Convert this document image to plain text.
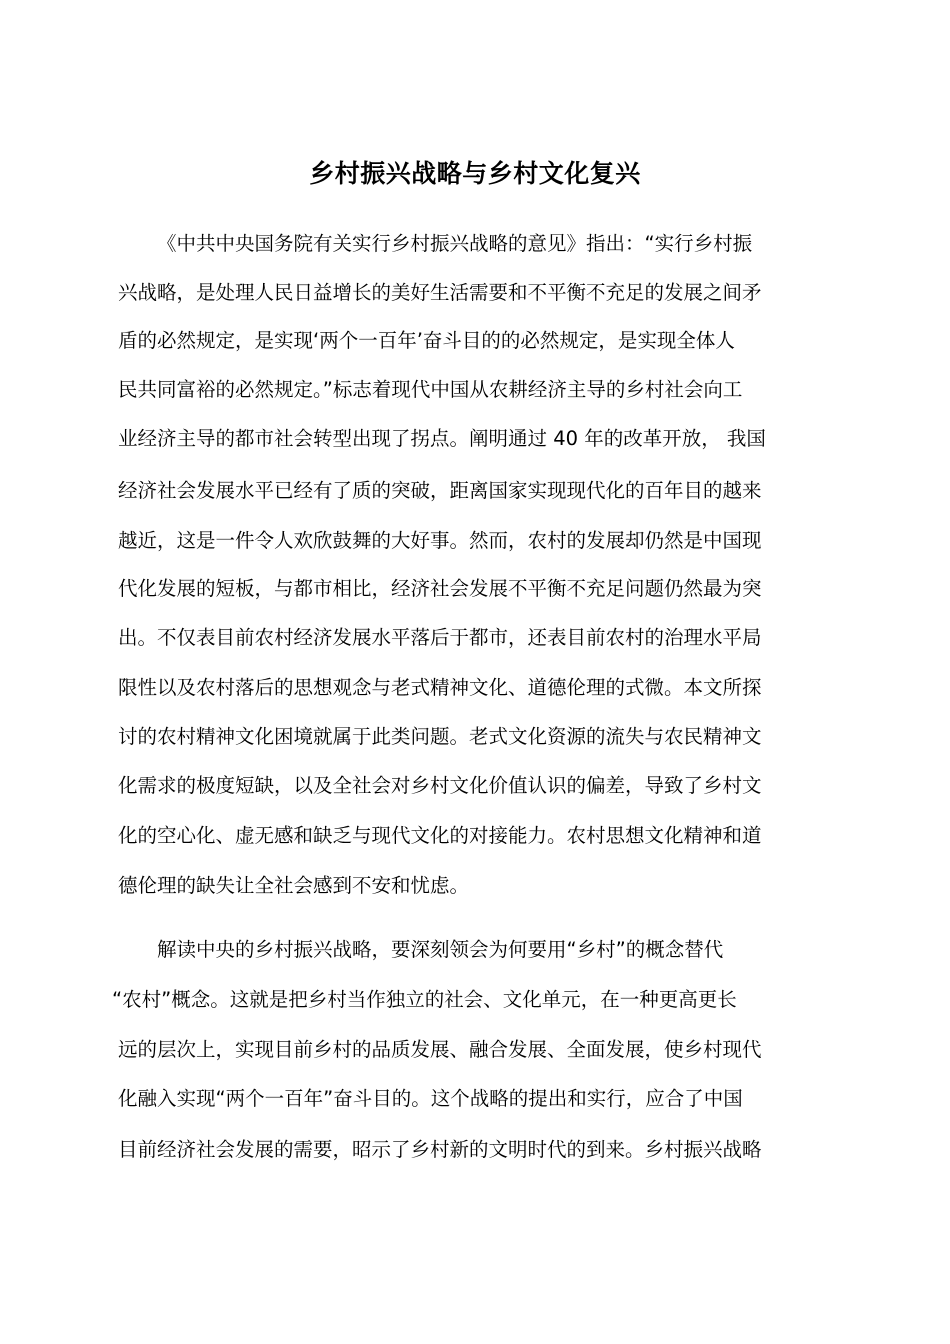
乡村振兴战略与乡村文化复兴
《中共中央国务院有关实行乡村振兴战略的意见》指出：“实行乡村振
兴战略，是处理人民日益增长的美好生活需要和不平衡不充足的发展之间矛
盾的必然规定，是实现‘两个一百年’奋斗目的的必然规定，是实现全体人
民共同富裕的必然规定。”标志着现代中国从农耕经济主导的乡村社会向工
业经济主导的都市社会转型出现了拐点。阐明通过 40 年的改革开放， 我国
经济社会发展水平已经有了质的突破，距离国家实现现代化的百年目的越来
越近，这是一件令人欢欣鼓舞的大好事。然而，农村的发展却仍然是中国现
代化发展的短板，与都市相比，经济社会发展不平衡不充足问题仍然最为突
出。不仅表目前农村经济发展水平落后于都市，还表目前农村的治理水平局
限性以及农村落后的思想观念与老式精神文化、道德伦理的式微。本文所探
讨的农村精神文化困境就属于此类问题。老式文化资源的流失与农民精神文
化需求的极度短缺，以及全社会对乡村文化价值认识的偏差，导致了乡村文
化的空心化、虚无感和缺乏与现代文化的对接能力。农村思想文化精神和道
德伦理的缺失让全社会感到不安和忧虑。
解读中央的乡村振兴战略，要深刻领会为何要用“乡村”的概念替代
“农村”概念。这就是把乡村当作独立的社会、文化单元，在一种更高更长
远的层次上，实现目前乡村的品质发展、融合发展、全面发展，使乡村现代
化融入实现“两个一百年”奋斗目的。这个战略的提出和实行，应合了中国
目前经济社会发展的需要，昭示了乡村新的文明时代的到来。乡村振兴战略
